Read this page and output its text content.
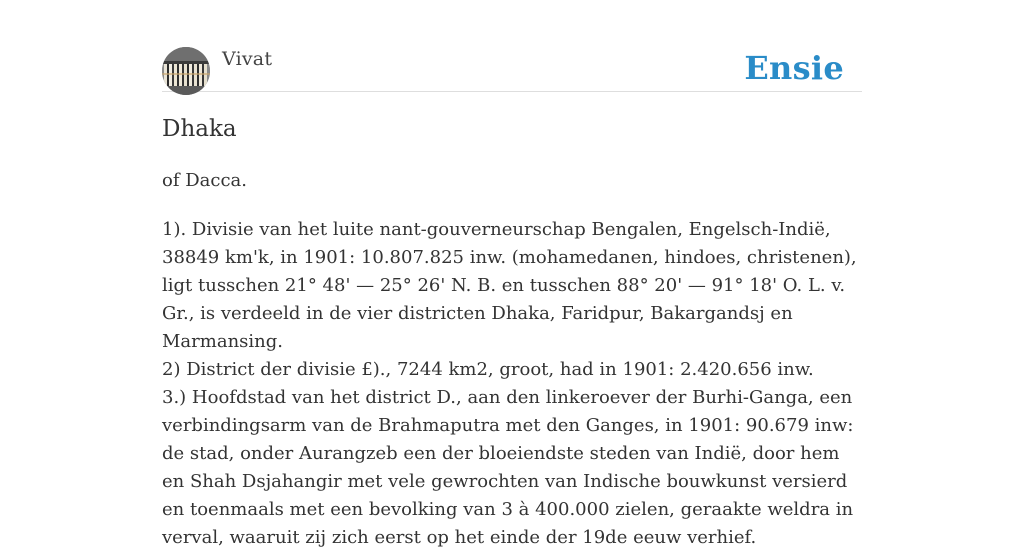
Vivat	Ensie
Dhaka

of Dacca.

1). Divisie van het luite nant-gouverneurschap Bengalen, Engelsch-Indië, 38849 km'k, in 1901: 10.807.825 inw. (mohamedanen, hindoes, christenen), ligt tusschen 21° 48' — 25° 26' N. B. en tusschen 88° 20' — 91° 18' O. L. v. Gr., is verdeeld in de vier districten Dhaka, Faridpur, Bakargandsj en Marmansing.
2) District der divisie £)., 7244 km2, groot, had in 1901: 2.420.656 inw.
3.) Hoofdstad van het district D., aan den linkeroever der Burhi-Ganga, een verbindingsarm van de Brahmaputra met den Ganges, in 1901: 90.679 inw: de stad, onder Aurangzeb een der bloeiendste steden van Indië, door hem en Shah Dsjahangir met vele gewrochten van Indische bouwkunst versierd en toenmaals met een bevolking van 3 à 400.000 zielen, geraakte weldra in verval, waaruit zij zich eerst op het einde der 19de eeuw verhief.
